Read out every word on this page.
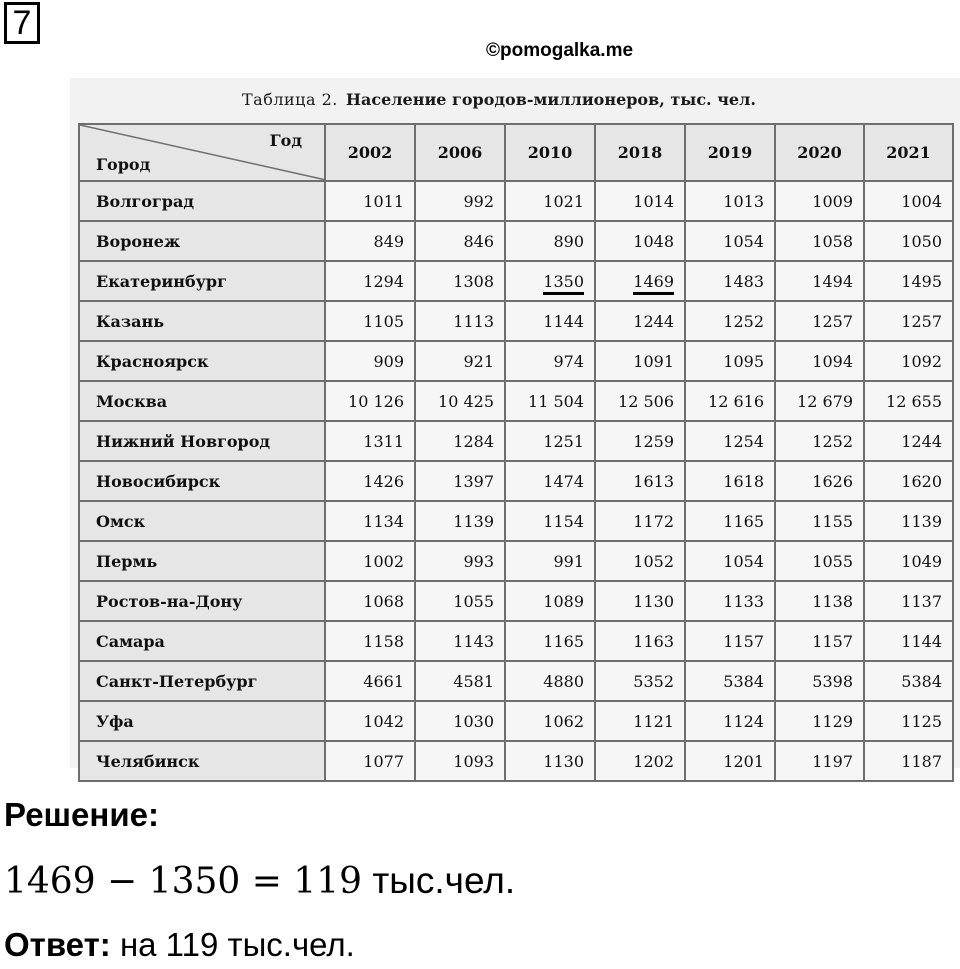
7
©pomogalka.me
Таблица 2. Население городов-миллионеров, тыс. чел.
Год
Город	2002	2006	2010	2018	2019	2020	2021
Волгоград	1011	992	1021	1014	1013	1009	1004
Воронеж	849	846	890	1048	1054	1058	1050
Екатеринбург	1294	1308	1350	1469	1483	1494	1495
Казань	1105	1113	1144	1244	1252	1257	1257
Красноярск	909	921	974	1091	1095	1094	1092
Москва	10 126	10 425	11 504	12 506	12 616	12 679	12 655
Нижний Новгород	1311	1284	1251	1259	1254	1252	1244
Новосибирск	1426	1397	1474	1613	1618	1626	1620
Омск	1134	1139	1154	1172	1165	1155	1139
Пермь	1002	993	991	1052	1054	1055	1049
Ростов-на-Дону	1068	1055	1089	1130	1133	1138	1137
Самара	1158	1143	1165	1163	1157	1157	1144
Санкт-Петербург	4661	4581	4880	5352	5384	5398	5384
Уфа	1042	1030	1062	1121	1124	1129	1125
Челябинск	1077	1093	1130	1202	1201	1197	1187
Решение:
1469 − 1350 = 119 тыс.чел.
Ответ: на 119 тыс.чел.
